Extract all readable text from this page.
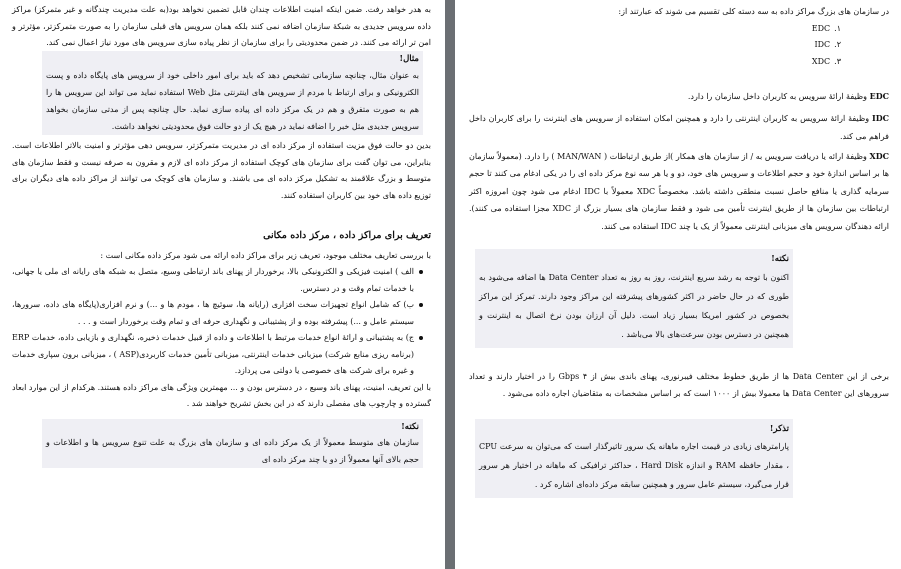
به هدر خواهد رفت. ضمن اینکه امنیت اطلاعات چندان قابل تضمین نخواهد بود(به علت مدیریت چندگانه و غیر متمرکز) مراکز داده سرویس جدیدی به شبکهٔ سازمان اضافه نمی کنند بلکه همان سرویس های قبلی سازمان را به صورت متمرکزتر، مؤثرتر و امن تر ارائه می کنند. در ضمن محدودیتی را برای سازمان از نظر پیاده سازی سرویس های مورد نیاز اعمال نمی کند.

مثال!

به عنوان مثال، چنانچه سازمانی تشخیص دهد که باید برای امور داخلی خود از سرویس های پایگاه داده و پست الکترونیکی و برای ارتباط با مردم از سرویس های اینترنتی مثل Web استفاده نماید می تواند این سرویس ها را هم به صورت متفرق و هم در یک مرکز داده ای پیاده سازی نماید. حال چنانچه پس از مدتی سازمان بخواهد سرویس جدیدی مثل خبر را اضافه نماید در هیچ یک از دو حالت فوق محدودیتی نخواهد داشت.

بدین دو حالت فوق مزیت استفاده از مرکز داده ای در مدیریت متمرکزتر، سرویس دهی مؤثرتر و امنیت بالاتر اطلاعات است. بنابراین، می توان گفت برای سازمان های کوچک استفاده از مرکز داده ای لازم و مقرون به صرفه نیست و فقط سازمان های متوسط و بزرگ علاقمند به تشکیل مرکز داده ای می باشند. و سازمان های کوچک می توانند از مراکز داده های دیگران برای توزیع داده های خود بین کاربران استفاده کنند.

تعریف برای مراکز داده ، مرکز داده مکانی

با بررسی تعاریف مختلف موجود، تعریف زیر برای مراکز داده ارائه می شود مرکز داده مکانی است :

الف ) امنیت فیزیکی و الکترونیکی بالا، برخوردار از پهنای باند ارتباطی وسیع، متصل به شبکه های رایانه ای ملی یا جهانی، با خدمات تمام وقت و در دسترس.

ب) که شامل انواع تجهیزات سخت افزاری (رایانه ها، سوئیچ ها ، مودم ها و ...) و نرم افزاری(پایگاه های داده، سرورها، سیستم عامل و ...) پیشرفته بوده و از پشتیبانی و نگهداری حرفه ای و تمام وقت برخوردار است و . . .

ج) به پشتیبانی و ارائهٔ انواع خدمات مرتبط با اطلاعات و داده از قبیل خدمات ذخیره، نگهداری و بازیابی داده، خدمات ERP (برنامه ریزی منابع شرکت) میزبانی خدمات اینترنتی، میزبانی تأمین خدمات کاربردی(ASP ) ، میزبانی برون سپاری خدمات و غیره برای شرکت های خصوصی یا دولتی می پردازد.

با این تعریف، امنیت، پهنای باند وسیع ، در دسترس بودن و ... مهمترین ویژگی های مراکز داده هستند. هرکدام از این موارد ابعاد گسترده و چارچوب های مفصلی دارند که در این بخش تشریح خواهند شد .

نکته!

سازمان های متوسط معمولاً از یک مرکز داده ای و سازمان های بزرگ به علت تنوع سرویس ها و اطلاعات و حجم بالای آنها معمولاً از دو یا چند مرکز داده ای

در سازمان های بزرگ مراکز داده به سه دسته کلی تقسیم می شوند که عبارتند از:

۱.
EDC
۲.
IDC
۳.
XDC

EDC وظیفهٔ ارائهٔ سرویس به کاربران داخل سازمان را دارد.

IDC وظیفهٔ ارائهٔ سرویس به کاربران اینترنتی را دارد و همچنین امکان استفاده از سرویس های اینترنت را برای کاربران داخل فراهم می کند.

XDC وظیفهٔ ارائه یا دریافت سرویس به / از سازمان های همکار )از طریق ارتباطات ( MAN/WAN ) را دارد. (معمولاً سازمان ها بر اساس اندازهٔ خود و حجم اطلاعات و سرویس های خود، دو و یا هر سه نوع مرکز داده ای را در یکی ادغام می کنند تا حجم سرمایه گذاری یا منافع حاصل نسبت منطقی داشته باشد. مخصوصاً XDC معمولاً با IDC ادغام می شود چون امروزه اکثر ارتباطات بین سازمان ها از طریق اینترنت تأمین می شود و فقط سازمان های بسیار بزرگ از XDC مجزا استفاده می کنند). ارائه دهندگان سرویس های میزبانی اینترنتی معمولاً از یک یا چند IDC استفاده می کنند.

نکته!

اکنون با توجه به رشد سریع اینترنت، روز به روز به تعداد Data Center ها اضافه می‌شود به طوری که در حال حاضر در اکثر کشورهای پیشرفته این مراکز وجود دارند. تمرکز این مراکز بخصوص در کشور امریکا بسیار زیاد است. دلیل آن ارزان بودن نرخ اتصال به اینترنت و همچنین در دسترس بودن سرعت‌های بالا می‌باشد .

برخی از این Data Center ها از طریق خطوط مختلف فیبرنوری، پهنای باندی بیش از ۴ Gbps را در اختیار دارند و تعداد سرورهای این Data Center ها معمولا بیش از ۱۰۰۰ است که بر اساس مشخصات به متقاضیان اجاره داده می‌شود .

تذکر!

پارامترهای زیادی در قیمت اجاره ماهانه یک سرور تاثیرگذار است که می‌توان به سرعت CPU ، مقدار حافظه RAM و اندازه Hard Disk ، حداکثر ترافیکی که ماهانه در اختیار هر سرور قرار می‌گیرد، سیستم عامل سرور و همچنین سابقه مرکز داده‌ای اشاره کرد .
